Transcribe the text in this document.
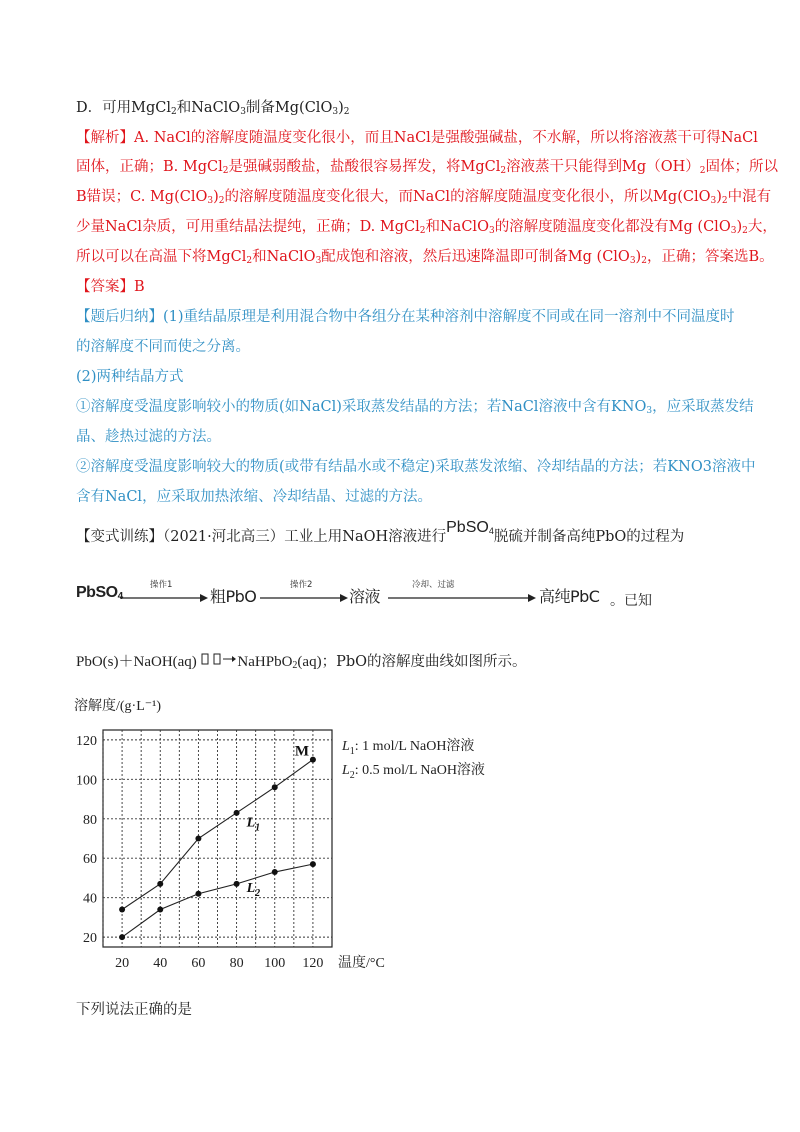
D．可用MgCl$_2$和NaClO$_3$制备$Mg(ClO_3)_2$
【解析】A. NaCl的溶解度随温度变化很小，而且NaCl是强酸强碱盐，不水解，所以将溶液蒸干可得NaCl
固体，正确；B. MgCl$_2$是强碱弱酸盐，盐酸很容易挥发，将MgCl$_2$溶液蒸干只能得到$Mg(OH)_2$固体；所以
B错误；C. $Mg(ClO_3)_2$的溶解度随温度变化很大，而NaCl的溶解度随温度变化很小，所以$Mg(ClO_3)_2$中混有
少量NaCl杂质，可用重结晶法提纯，正确；D. MgCl$_2$和NaClO$_3$的溶解度随温度变化都没有Mg $(ClO_3)_2$大，
所以可以在高温下将MgCl$_2$和NaClO$_3$配成饱和溶液，然后迅速降温即可制备Mg $(ClO_3)_2$，正确；答案选B。
【答案】B
【题后归纳】(1)重结晶原理是利用混合物中各组分在某种溶剂中溶解度不同或在同一溶剂中不同温度时
的溶解度不同而使之分离。
(2)两种结晶方式
①溶解度受温度影响较小的物质(如NaCl)采取蒸发结晶的方法；若NaCl溶液中含有$KNO_3$，应采取蒸发结
晶、趁热过滤的方法。
②溶解度受温度影响较大的物质(或带有结晶水或不稳定)采取蒸发浓缩、冷却结晶的方法；若KNO3溶液中
含有NaCl，应采取加热浓缩、冷却结晶、过滤的方法。
【变式训练】（2021·河北高三）工业上用NaOH溶液进行PbSO$_4$脱硫并制备高纯PbO的过程为
PbSO$_4$
操作1
粗PbO
操作2
溶液
冷却、过滤
高纯PbC 。已知
PbO(s)＋NaOH(aq)	NaHPbO$_2$(aq)；PbO的溶解度曲线如图所示。
20
40
60
80
100
120
20 40 60 80 100 120
溶解度/(g·L⁻¹)
温度/°C
M
$L_1$
$L_2$
$L_1$: 1 mol/L NaOH溶液
$L_2$: 0.5 mol/L NaOH溶液
下列说法正确的是
